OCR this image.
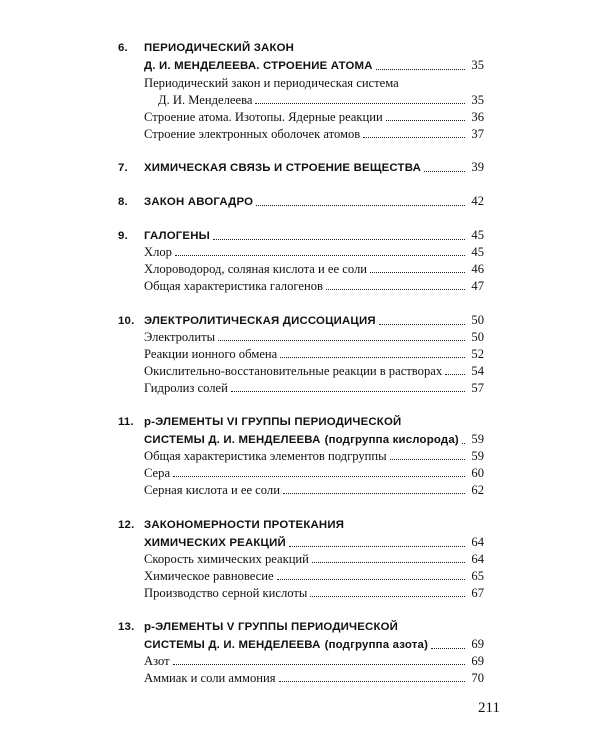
6.	ПЕРИОДИЧЕСКИЙ ЗАКОН
Д. И. МЕНДЕЛЕЕВА. СТРОЕНИЕ АТОМА	35
Периодический закон и периодическая система
Д. И. Менделеева	35
Строение атома. Изотопы. Ядерные реакции	36
Строение электронных оболочек атомов	37
7.	ХИМИЧЕСКАЯ СВЯЗЬ И СТРОЕНИЕ ВЕЩЕСТВА	39
8.	ЗАКОН АВОГАДРО	42
9.	ГАЛОГЕНЫ	45
Хлор	45
Хлороводород, соляная кислота и ее соли	46
Общая характеристика галогенов	47
10. ЭЛЕКТРОЛИТИЧЕСКАЯ ДИССОЦИАЦИЯ	50
Электролиты	50
Реакции ионного обмена	52
Окислительно-восстановительные реакции в растворах 54
Гидролиз солей	57
11. р-ЭЛЕМЕНТЫ VI ГРУППЫ ПЕРИОДИЧЕСКОЙ
СИСТЕМЫ Д. И. МЕНДЕЛЕЕВА (подгруппа кислорода) 59
Общая характеристика элементов подгруппы	59
Сера	60
Серная кислота и ее соли	62
12. ЗАКОНОМЕРНОСТИ ПРОТЕКАНИЯ
ХИМИЧЕСКИХ РЕАКЦИЙ	64
Скорость химических реакций	64
Химическое равновесие	65
Производство серной кислоты	67
13. р-ЭЛЕМЕНТЫ V ГРУППЫ ПЕРИОДИЧЕСКОЙ
СИСТЕМЫ Д. И. МЕНДЕЛЕЕВА (подгруппа азота)	69
Азот	69
Аммиак и соли аммония	70
211
